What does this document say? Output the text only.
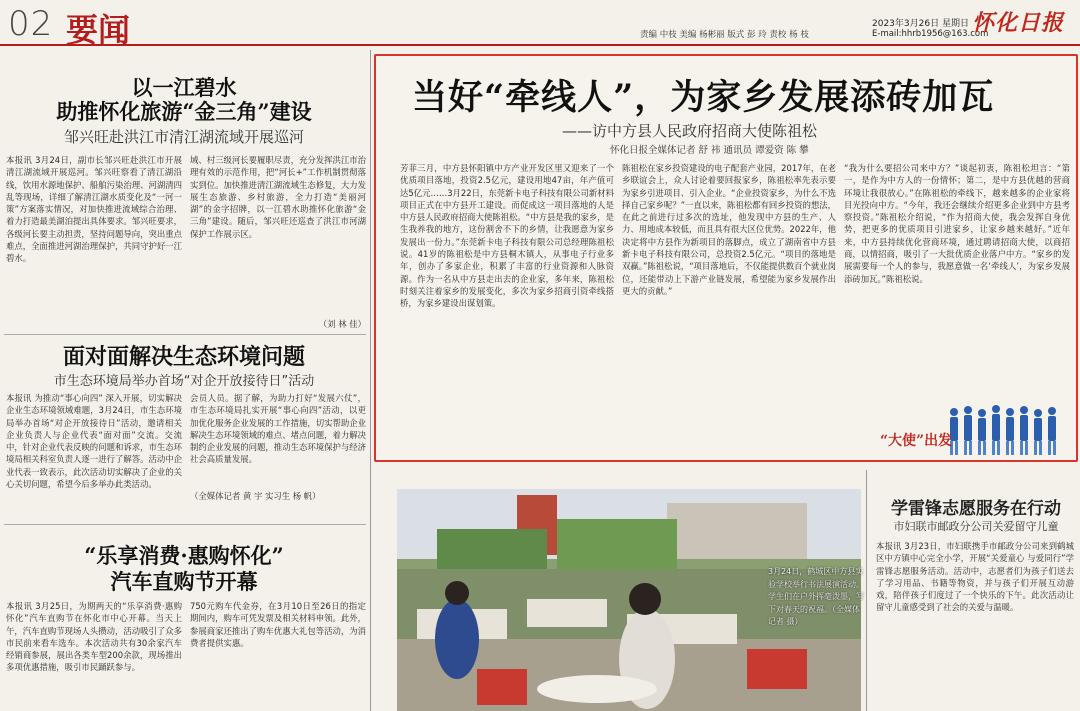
02 要闻	责编 中枝 美编 杨彬丽 版式 彭 玲 责校 杨 枝
2023年3月26日 星期日
E-mail:hhrb1956@163.com
怀化日报
以一江碧水
助推怀化旅游“金三角”建设
邹兴旺赴洪江市清江湖流域开展巡河
本报讯 3月24日，副市长邹兴旺赴洪江市开展清江湖流域开展巡河。邹兴旺察看了清江湖沿线，饮用水源地保护、船舶污染治理、河湖清四乱等现场，详细了解清江湖水质变化及“一河一策”方案落实情况，对加快推进流域综合治理、着力打造最美湖泊提出具体要求。邹兴旺要求，各级河长要主动担责，坚持问题导向，突出重点难点，全面推进河湖治理保护，共同守护好一江碧水。
域、村三级河长要履职尽责，充分发挥洪江市治理有效的示范作用，把“河长+”工作机制贯彻落实到位。加快推进清江湖流域生态修复，大力发展生态旅游、乡村旅游，全力打造“美丽河湖”的金字招牌，以一江碧水助推怀化旅游“金三角”建设。随后，邹兴旺还巡查了洪江市河湖保护工作展示区。
（刘 林 佳）
面对面解决生态环境问题
市生态环境局举办首场“对企开放接待日”活动
本报讯 为推动“事心向四” 深入开展，切实解决企业生态环境领域难题，3月24日，市生态环境局举办首场“对企开放接待日”活动，邀请相关企业负责人与企业代表“面对面”交流。交流中，针对企业代表反映的问题和诉求，市生态环境局相关科室负责人逐一进行了解答。活动中企业代表一致表示，此次活动切实解决了企业的关心关切问题，希望今后多举办此类活动。
会员人员。据了解，为助力打好“发展六仗”，市生态环境局扎实开展“事心向四”活动，以更加优化服务企业发展的工作措施，切实帮助企业解决生态环境领域的难点、堵点问题，着力解决制约企业发展的问题，推动生态环境保护与经济社会高质量发展。
（全媒体记者 黄 宇 实习生 杨 帆）
“乐享消费·惠购怀化”
汽车直购节开幕
本报讯 3月25日，为期两天的“乐享消费·惠购怀化”汽车直购节在怀化市中心开幕。当天上午，汽车直购节现场人头攒动，活动吸引了众多市民前来看车选车。本次活动共有30余家汽车经销商参展，展出各类车型200余款，现场推出多项优惠措施，吸引市民踊跃参与。
750元购车代金券，在3月10日至26日的指定期间内，购车可凭发票及相关材料申领。此外，参展商家还推出了购车优惠大礼包等活动，为消费者提供实惠。
当好“牵线人”，为家乡发展添砖加瓦
——访中方县人民政府招商大使陈祖松
怀化日报全媒体记者 舒 祎 通讯员 谭爱资 陈 攀
芳菲三月，中方县怀阳镇中方产业开发区里又迎来了一个优质项目落地，投资2.5亿元，建设用地47亩，年产值可达5亿元……3月22日，东莞新卡电子科技有限公司新材料项目正式在中方县开工建设。而促成这一项目落地的人是中方县人民政府招商大使陈祖松。“中方县是我的家乡，是生我养我的地方，这份割舍不下的乡情，让我愿意为家乡发展出一份力。”东莞新卡电子科技有限公司总经理陈祖松说。41岁的陈祖松是中方县桐木镇人，从事电子行业多年，创办了多家企业，积累了丰富的行业资源和人脉资源。作为一名从中方县走出去的企业家，多年来，陈祖松时刻关注着家乡的发展变化，多次为家乡招商引资牵线搭桥，为家乡建设出谋划策。
陈祖松在家乡投资建设的电子配套产业园，2017年，在老乡联谊会上，众人讨论着要回报家乡，陈祖松率先表示要为家乡引进项目、引入企业。“企业投资家乡，为什么不选择自己家乡呢？”一直以来，陈祖松都有回乡投资的想法，在此之前进行过多次的选址，他发现中方县的生产、人力、用地成本较低，而且具有很大区位优势。2022年，他决定将中方县作为新项目的落脚点，成立了湖南省中方县新卡电子科技有限公司，总投资2.5亿元。“项目的落地是双赢。”陈祖松说，“项目落地后，不仅能提供数百个就业岗位，还能带动上下游产业链发展，希望能为家乡发展作出更大的贡献。”
“我为什么要招公司来中方？”谈起初衷，陈祖松坦言：“第一，是作为中方人的一份情怀；第二，是中方县优越的营商环境让我很放心。”在陈祖松的牵线下，越来越多的企业家将目光投向中方。“今年，我还会继续介绍更多企业到中方县考察投资。”陈祖松介绍说，“作为招商大使，我会发挥自身优势，把更多的优质项目引进家乡，让家乡越来越好。”近年来，中方县持续优化营商环境，通过聘请招商大使，以商招商，以情招商，吸引了一大批优质企业落户中方。“家乡的发展需要每一个人的参与，我愿意做一名‘牵线人’，为家乡发展添砖加瓦。”陈祖松说。
“大使”出发
3月24日，鹤城区中方县实验学校举行书法展演活动。学生们在户外挥毫泼墨，写下对春天的祝福。（全媒体记者 摄）
学雷锋志愿服务在行动
市妇联市邮政分公司关爱留守儿童
本报讯 3月23日，市妇联携手市邮政分公司来到鹤城区中方镇中心完全小学，开展“关爱童心 与爱同行”学雷锋志愿服务活动。活动中，志愿者们为孩子们送去了学习用品、书籍等物资，并与孩子们开展互动游戏，陪伴孩子们度过了一个快乐的下午。此次活动让留守儿童感受到了社会的关爱与温暖。
